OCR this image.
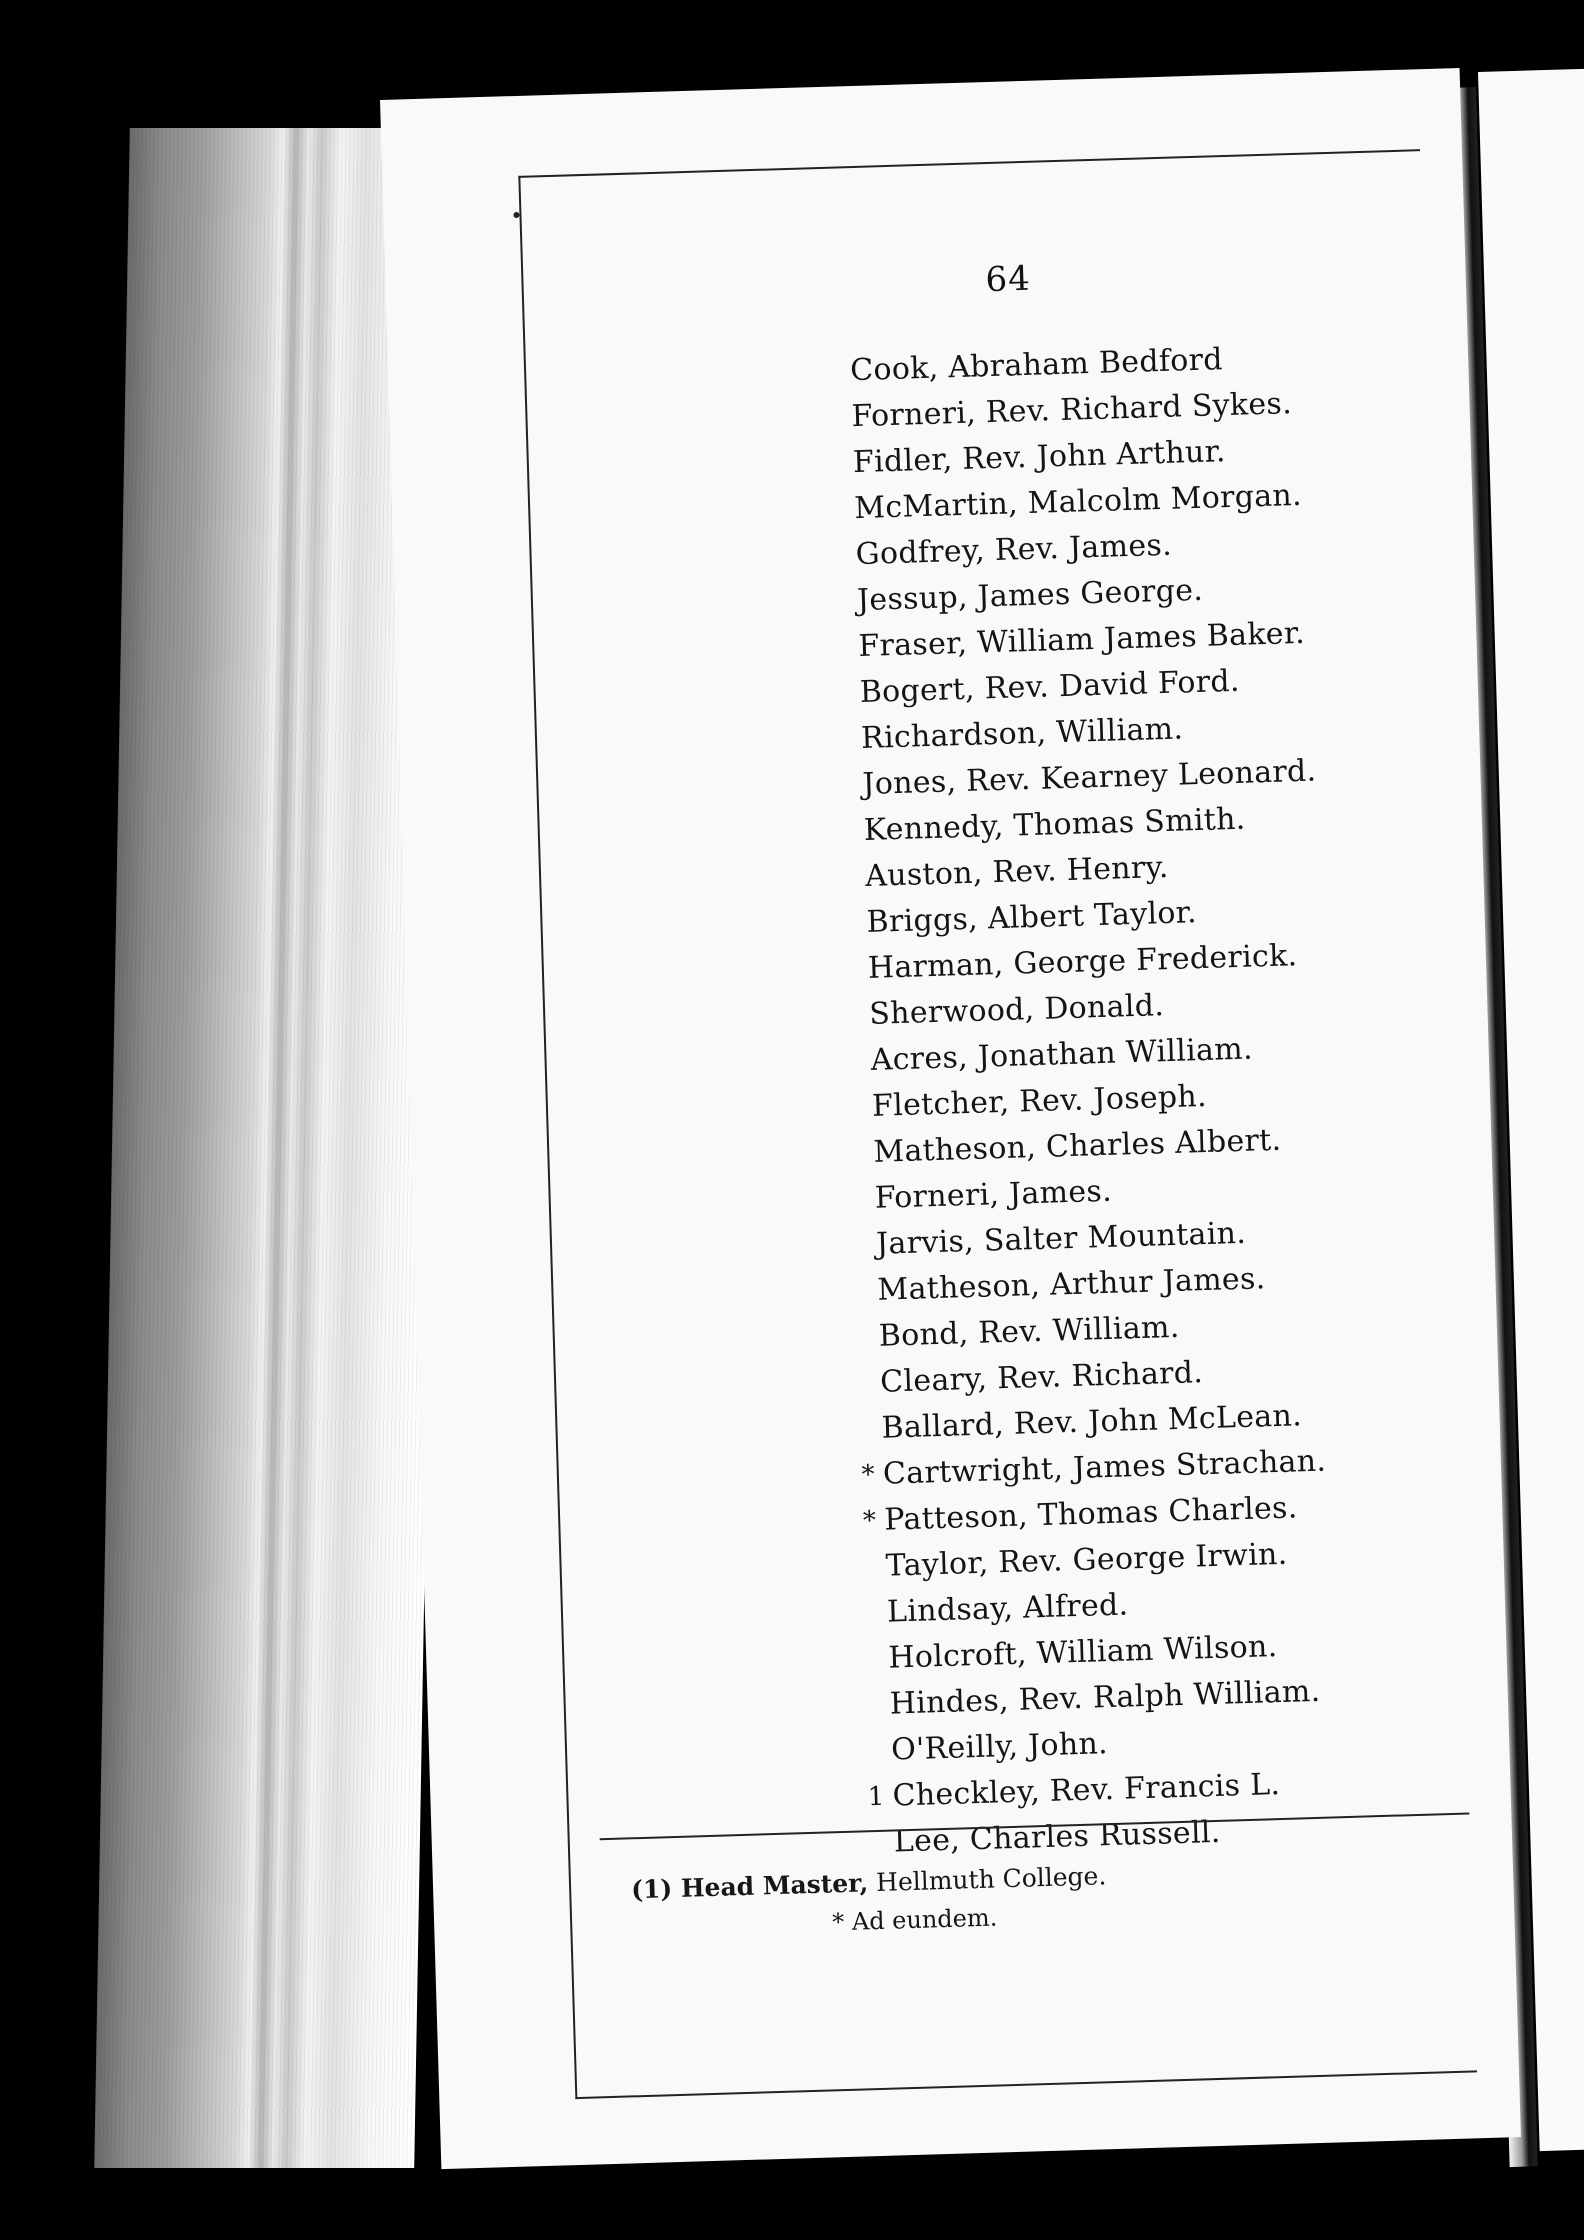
64
Cook, Abraham Bedford
Forneri, Rev. Richard Sykes.
Fidler, Rev. John Arthur.
McMartin, Malcolm Morgan.
Godfrey, Rev. James.
Jessup, James George.
Fraser, William James Baker.
Bogert, Rev. David Ford.
Richardson, William.
Jones, Rev. Kearney Leonard.
Kennedy, Thomas Smith.
Auston, Rev. Henry.
Briggs, Albert Taylor.
Harman, George Frederick.
Sherwood, Donald.
Acres, Jonathan William.
Fletcher, Rev. Joseph.
Matheson, Charles Albert.
Forneri, James.
Jarvis, Salter Mountain.
Matheson, Arthur James.
Bond, Rev. William.
Cleary, Rev. Richard.
Ballard, Rev. John McLean.
* Cartwright, James Strachan.
* Patteson, Thomas Charles.
Taylor, Rev. George Irwin.
Lindsay, Alfred.
Holcroft, William Wilson.
Hindes, Rev. Ralph William.
O'Reilly, John.
1 Checkley, Rev. Francis L.
Lee, Charles Russell.
(1) Head Master, Hellmuth College.
* Ad eundem.
